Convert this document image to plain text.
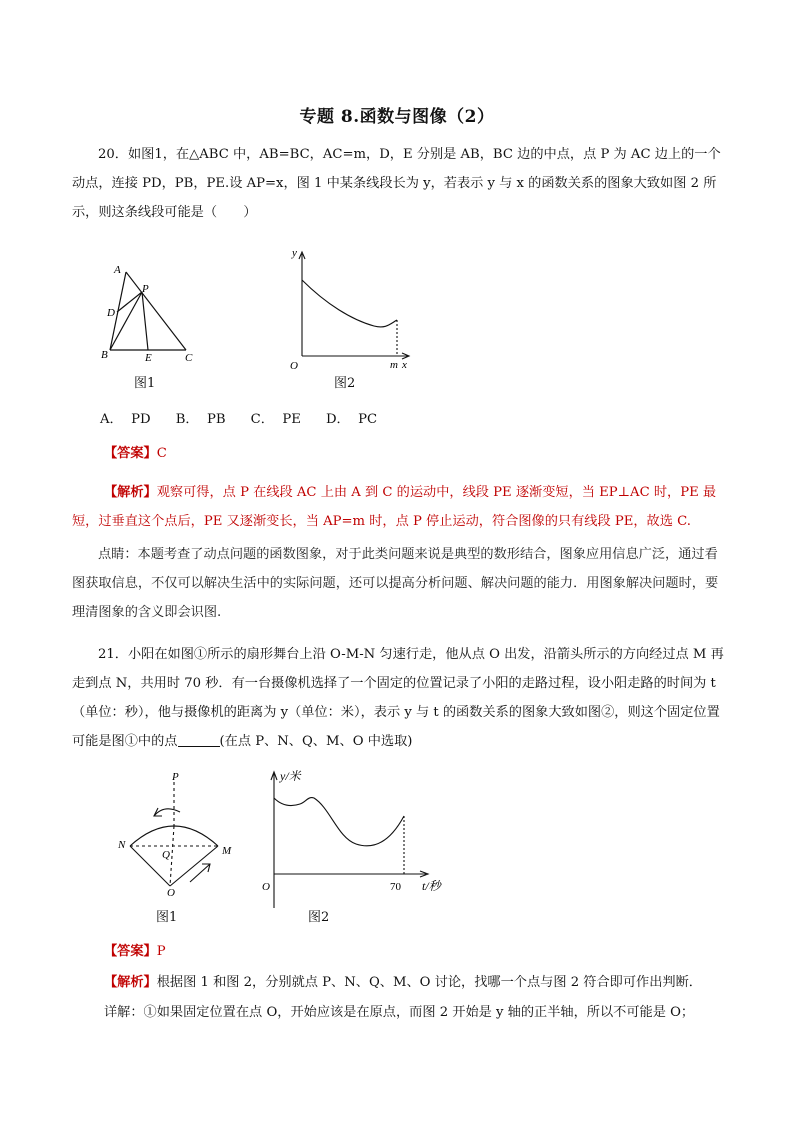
专题 8.函数与图像（2）
20．如图1，在△ABC 中，AB=BC，AC=m，D，E 分别是 AB，BC 边的中点，点 P 为 AC 边上的一个动点，连接 PD，PB，PE.设 AP=x，图 1 中某条线段长为 y，若表示 y 与 x 的函数关系的图象大致如图 2 所示，则这条线段可能是（　　）
A
P
D
B	E	C
图1
y
O	m x
图2
A．  PD      B．  PB      C．  PE      D．  PC
【答案】C
【解析】观察可得，点 P 在线段 AC 上由 A 到 C 的运动中，线段 PE 逐渐变短，当 EP⊥AC 时，PE 最短，过垂直这个点后，PE 又逐渐变长，当 AP=m 时，点 P 停止运动，符合图像的只有线段 PE，故选 C.
点睛：本题考查了动点问题的函数图象，对于此类问题来说是典型的数形结合，图象应用信息广泛，通过看图获取信息，不仅可以解决生活中的实际问题，还可以提高分析问题、解决问题的能力．用图象解决问题时，要理清图象的含义即会识图.
21．小阳在如图①所示的扇形舞台上沿 O-M-N 匀速行走，他从点 O 出发，沿箭头所示的方向经过点 M 再走到点 N，共用时 70 秒．有一台摄像机选择了一个固定的位置记录了小阳的走路过程，设小阳走路的时间为 t（单位：秒），他与摄像机的距离为 y（单位：米），表示 y 与 t 的函数关系的图象大致如图②，则这个固定位置可能是图①中的点	(在点 P、N、Q、M、O 中选取)
P
N
Q	M
O
图1
y/米
O	70 t/秒
图2
【答案】P
【解析】根据图 1 和图 2，分别就点 P、N、Q、M、O 讨论，找哪一个点与图 2 符合即可作出判断．
详解：①如果固定位置在点 O，开始应该是在原点，而图 2 开始是 y 轴的正半轴，所以不可能是 O；
